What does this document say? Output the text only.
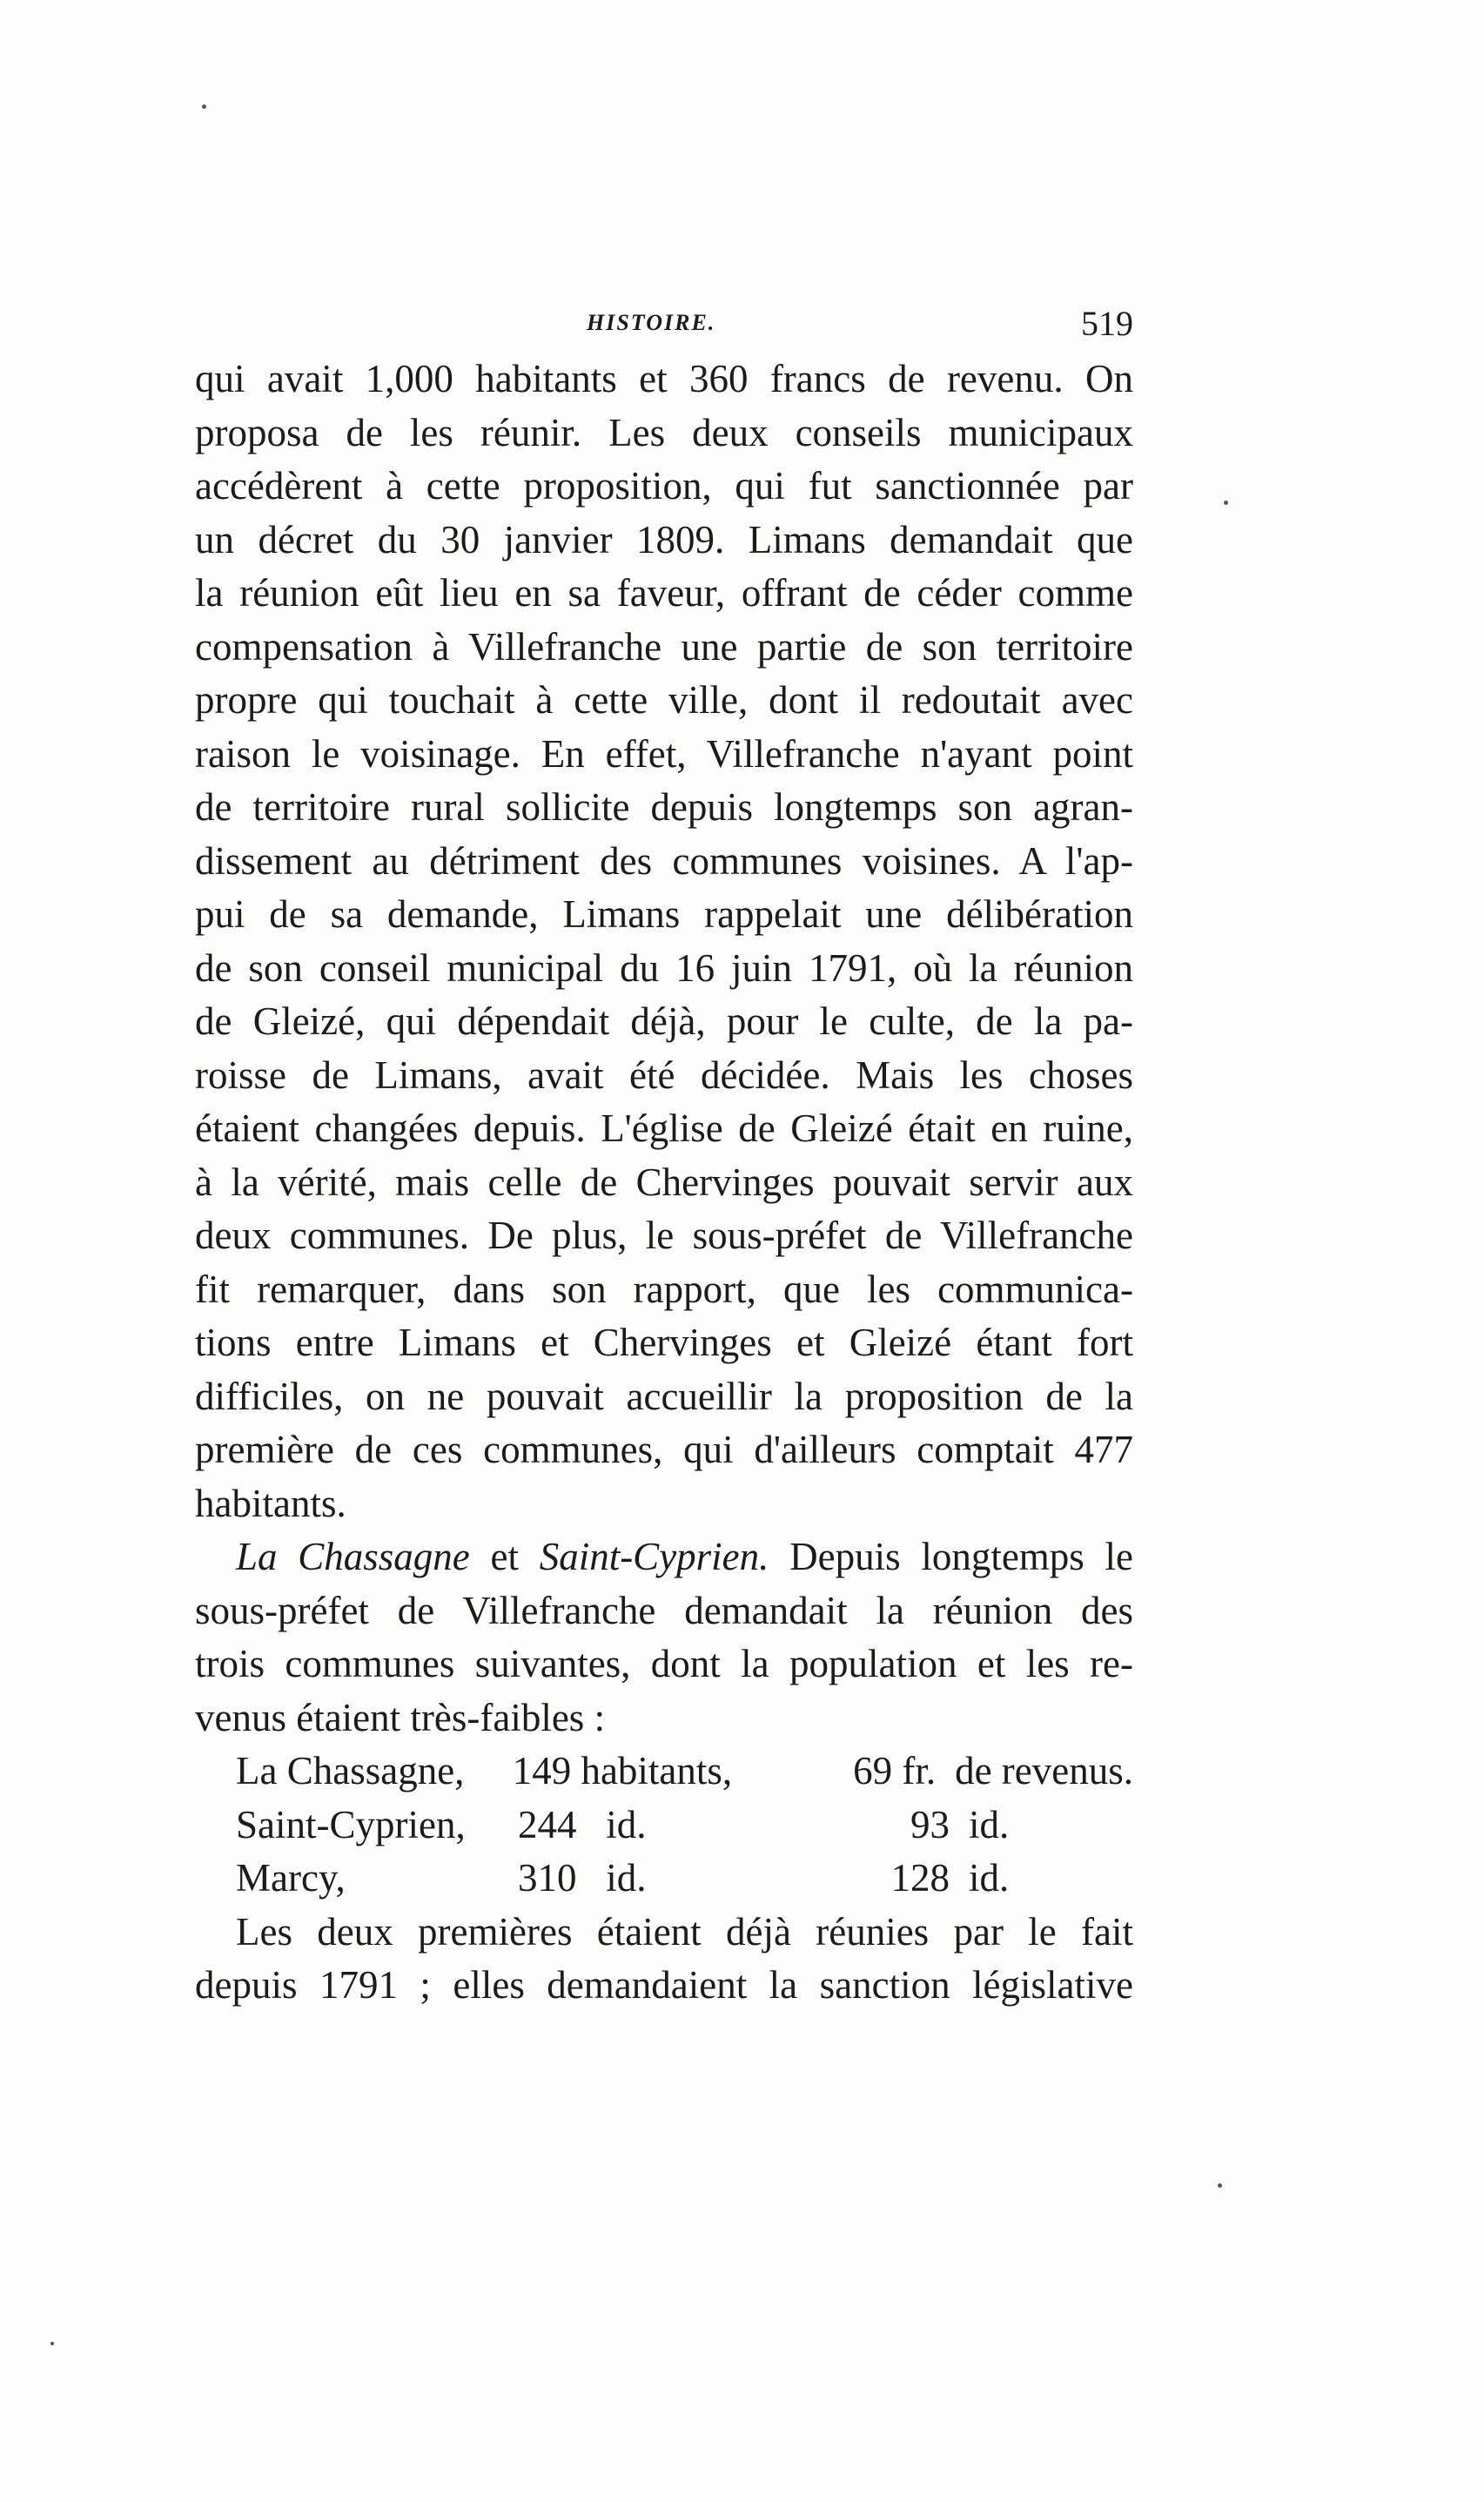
HISTOIRE.	519
qui avait 1,000 habitants et 360 francs de revenu. On
proposa de les réunir. Les deux conseils municipaux
accédèrent à cette proposition, qui fut sanctionnée par
un décret du 30 janvier 1809. Limans demandait que
la réunion eût lieu en sa faveur, offrant de céder comme
compensation à Villefranche une partie de son territoire
propre qui touchait à cette ville, dont il redoutait avec
raison le voisinage. En effet, Villefranche n'ayant point
de territoire rural sollicite depuis longtemps son agran-
dissement au détriment des communes voisines. A l'ap-
pui de sa demande, Limans rappelait une délibération
de son conseil municipal du 16 juin 1791, où la réunion
de Gleizé, qui dépendait déjà, pour le culte, de la pa-
roisse de Limans, avait été décidée. Mais les choses
étaient changées depuis. L'église de Gleizé était en ruine,
à la vérité, mais celle de Chervinges pouvait servir aux
deux communes. De plus, le sous-préfet de Villefranche
fit remarquer, dans son rapport, que les communica-
tions entre Limans et Chervinges et Gleizé étant fort
difficiles, on ne pouvait accueillir la proposition de la
première de ces communes, qui d'ailleurs comptait 477
habitants.
La Chassagne et Saint-Cyprien. Depuis longtemps le
sous-préfet de Villefranche demandait la réunion des
trois communes suivantes, dont la population et les re-
venus étaient très-faibles :
La Chassagne,	149 habitants,	69 fr. de revenus.
Saint-Cyprien,	244   id.	93 id.
Marcy,	310   id.	128 id.
Les deux premières étaient déjà réunies par le fait
depuis 1791 ; elles demandaient la sanction législative
